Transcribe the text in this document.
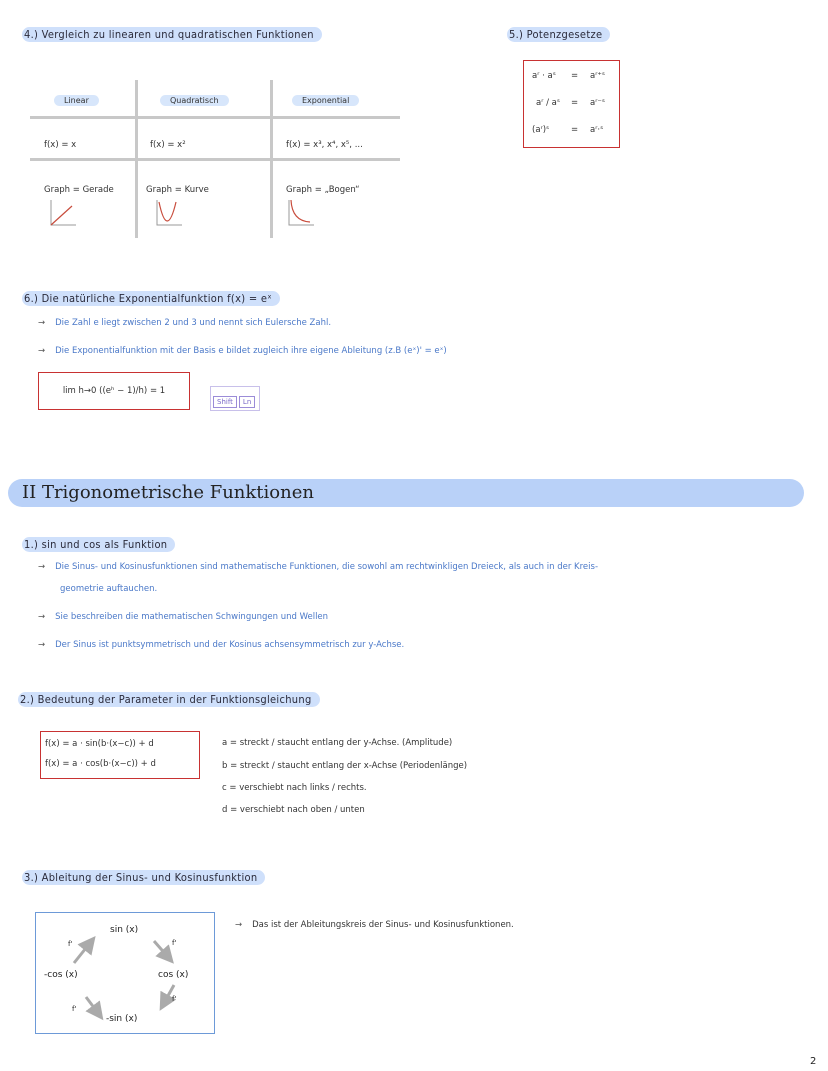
4.) Vergleich zu linearen und quadratischen Funktionen
Linear	Quadratisch	Exponential
f(x) = x	f(x) = x²	f(x) = x³, x⁴, x⁵, ...
Graph = Gerade	Graph = Kurve	Graph = „Bogen“
5.) Potenzgesetze
aʳ · aˢ = aʳ⁺ˢ
aʳ / aˢ = aʳ⁻ˢ
(aʳ)ˢ	= aʳ·ˢ
6.) Die natürliche Exponentialfunktion f(x) = eˣ
→ Die Zahl e liegt zwischen 2 und 3 und nennt sich Eulersche Zahl.
→ Die Exponentialfunktion mit der Basis e bildet zugleich ihre eigene Ableitung (z.B (eˣ)' = eˣ)
lim h→0 ((eʰ − 1)/h) = 1
Shift Ln
II Trigonometrische Funktionen
1.) sin und cos als Funktion
→ Die Sinus- und Kosinusfunktionen sind mathematische Funktionen, die sowohl am rechtwinkligen Dreieck, als auch in der Kreis-
geometrie auftauchen.
→ Sie beschreiben die mathematischen Schwingungen und Wellen
→ Der Sinus ist punktsymmetrisch und der Kosinus achsensymmetrisch zur y-Achse.
2.) Bedeutung der Parameter in der Funktionsgleichung
f(x) = a · sin(b·(x−c)) + d
f(x) = a · cos(b·(x−c)) + d
a = streckt / staucht entlang der y-Achse. (Amplitude)
b = streckt / staucht entlang der x-Achse (Periodenlänge)
c = verschiebt nach links / rechts.
d = verschiebt nach oben / unten
3.) Ableitung der Sinus- und Kosinusfunktion
sin (x)
cos (x)
-sin (x)
-cos (x)
f'	f'
f'
f'
→ Das ist der Ableitungskreis der Sinus- und Kosinusfunktionen.
2
